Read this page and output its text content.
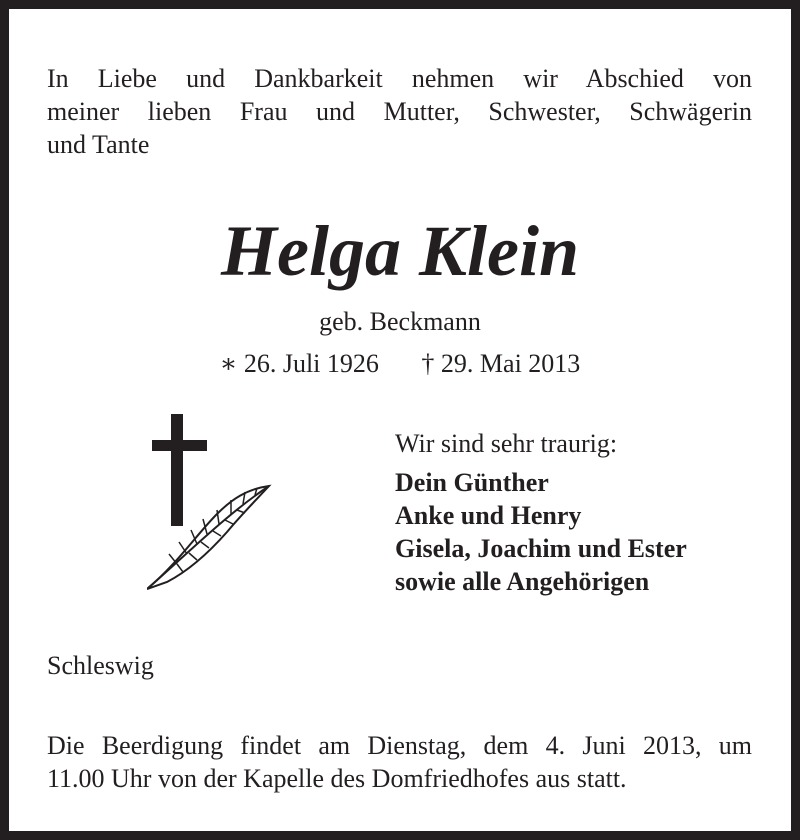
In Liebe und Dankbarkeit nehmen wir Abschied von
meiner lieben Frau und Mutter, Schwester, Schwägerin
und Tante
Helga Klein
geb. Beckmann
∗ 26. Juli 1926 † 29. Mai 2013
Wir sind sehr traurig:
Dein Günther
Anke und Henry
Gisela, Joachim und Ester
sowie alle Angehörigen
Schleswig
Die Beerdigung findet am Dienstag, dem 4. Juni 2013, um
11.00 Uhr von der Kapelle des Domfriedhofes aus statt.
